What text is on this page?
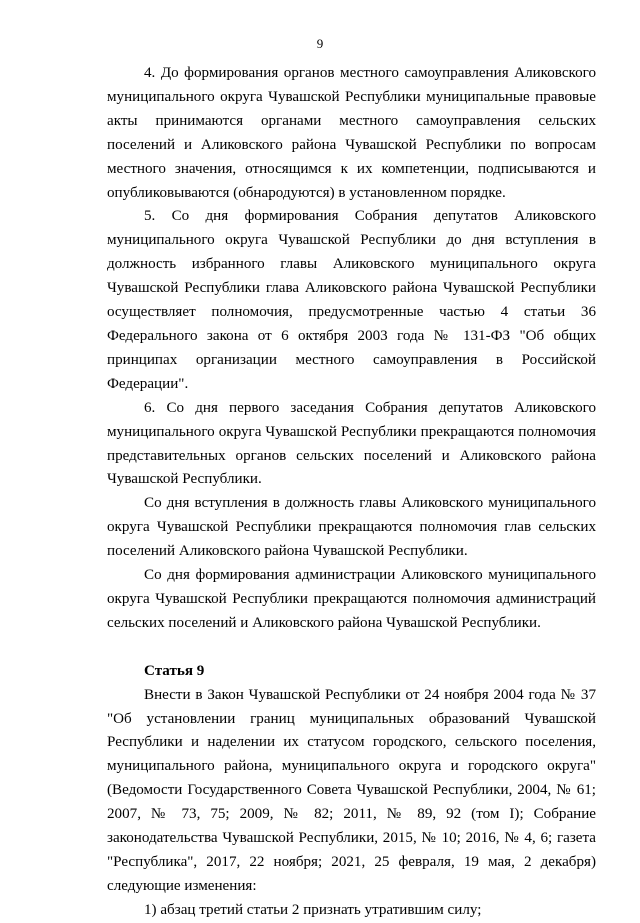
9

4. До формирования органов местного самоуправления Аликовского муниципального округа Чувашской Республики муниципальные правовые акты принимаются органами местного самоуправления сельских поселений и Аликовского района Чувашской Республики по вопросам местного значения, относящимся к их компетенции, подписываются и опубликовываются (обнародуются) в установленном порядке.

5. Со дня формирования Собрания депутатов Аликовского муниципального округа Чувашской Республики до дня вступления в должность избранного главы Аликовского муниципального округа Чувашской Республики глава Аликовского района Чувашской Республики осуществляет полномочия, предусмотренные частью 4 статьи 36 Федерального закона от 6 октября 2003 года № 131-ФЗ "Об общих принципах организации местного самоуправления в Российской Федерации".

6. Со дня первого заседания Собрания депутатов Аликовского муниципального округа Чувашской Республики прекращаются полномочия представительных органов сельских поселений и Аликовского района Чувашской Республики.

Со дня вступления в должность главы Аликовского муниципального округа Чувашской Республики прекращаются полномочия глав сельских поселений Аликовского района Чувашской Республики.

Со дня формирования администрации Аликовского муниципального округа Чувашской Республики прекращаются полномочия администраций сельских поселений и Аликовского района Чувашской Республики.

Статья 9

Внести в Закон Чувашской Республики от 24 ноября 2004 года № 37 "Об установлении границ муниципальных образований Чувашской Республики и наделении их статусом городского, сельского поселения, муниципального района, муниципального округа и городского округа" (Ведомости Государственного Совета Чувашской Республики, 2004, № 61; 2007, № 73, 75; 2009, № 82; 2011, № 89, 92 (том I); Собрание законодательства Чувашской Республики, 2015, № 10; 2016, № 4, 6; газета "Республика", 2017, 22 ноября; 2021, 25 февраля, 19 мая, 2 декабря) следующие изменения:

1) абзац третий статьи 2 признать утратившим силу;
